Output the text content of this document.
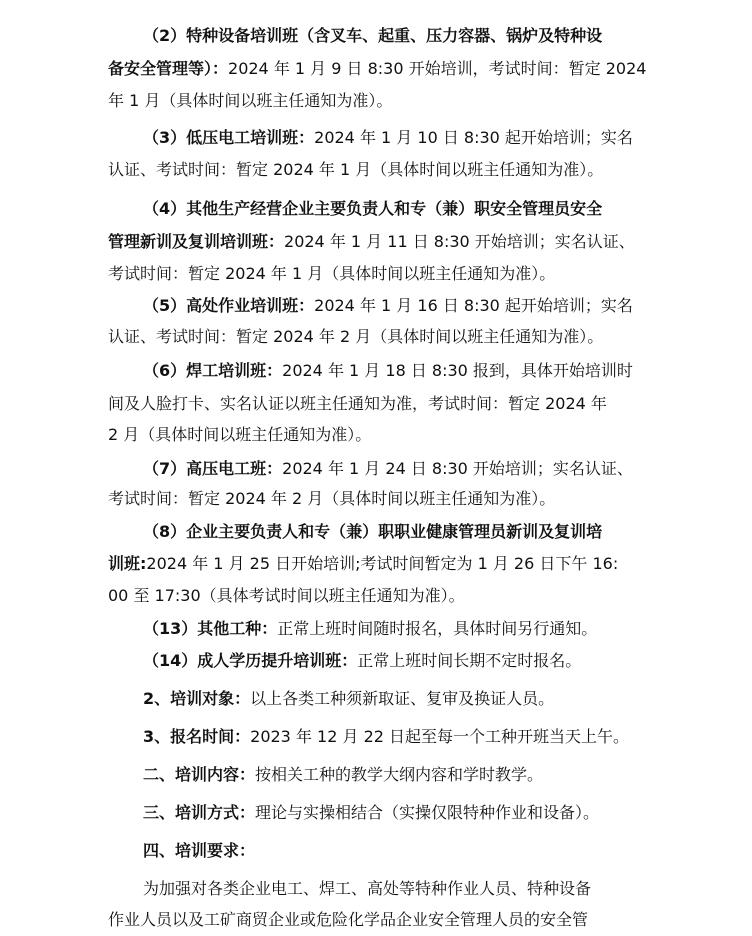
（2）特种设备培训班（含叉车、起重、压力容器、锅炉及特种设
备安全管理等）：2024 年 1 月 9 日 8:30 开始培训，考试时间：暂定 2024
年 1 月（具体时间以班主任通知为准）。
（3）低压电工培训班：2024 年 1 月 10 日 8:30 起开始培训；实名
认证、考试时间：暂定 2024 年 1 月（具体时间以班主任通知为准）。
（4）其他生产经营企业主要负责人和专（兼）职安全管理员安全
管理新训及复训培训班：2024 年 1 月 11 日 8:30 开始培训；实名认证、
考试时间：暂定 2024 年 1 月（具体时间以班主任通知为准）。
（5）高处作业培训班：2024 年 1 月 16 日 8:30 起开始培训；实名
认证、考试时间：暂定 2024 年 2 月（具体时间以班主任通知为准）。
（6）焊工培训班：2024 年 1 月 18 日 8:30 报到，具体开始培训时
间及人脸打卡、实名认证以班主任通知为准，考试时间：暂定 2024 年
2 月（具体时间以班主任通知为准）。
（7）高压电工班：2024 年 1 月 24 日 8:30 开始培训；实名认证、
考试时间：暂定 2024 年 2 月（具体时间以班主任通知为准）。
（8）企业主要负责人和专（兼）职职业健康管理员新训及复训培
训班:2024 年 1 月 25 日开始培训;考试时间暂定为 1 月 26 日下午 16:
00 至 17:30（具体考试时间以班主任通知为准）。
（13）其他工种：正常上班时间随时报名，具体时间另行通知。
（14）成人学历提升培训班：正常上班时间长期不定时报名。
2、培训对象：以上各类工种须新取证、复审及换证人员。
3、报名时间：2023 年 12 月 22 日起至每一个工种开班当天上午。
二、培训内容：按相关工种的教学大纲内容和学时教学。
三、培训方式：理论与实操相结合（实操仅限特种作业和设备）。
四、培训要求：
为加强对各类企业电工、焊工、高处等特种作业人员、特种设备
作业人员以及工矿商贸企业或危险化学品企业安全管理人员的安全管
